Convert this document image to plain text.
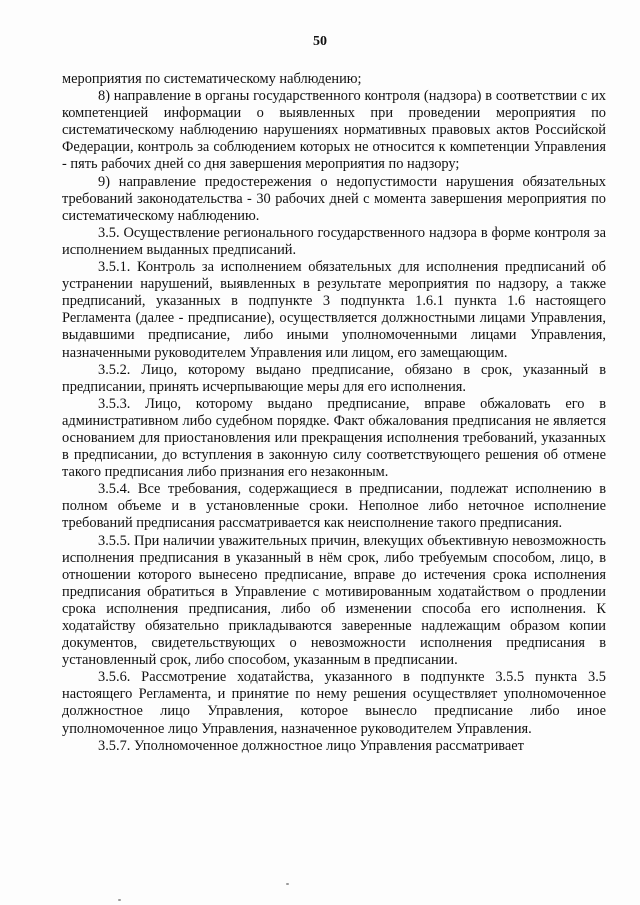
50

мероприятия по систематическому наблюдению;

8) направление в органы государственного контроля (надзора) в соответствии с их компетенцией информации о выявленных при проведении мероприятия по систематическому наблюдению нарушениях нормативных правовых актов Российской Федерации, контроль за соблюдением которых не относится к компетенции Управления - пять рабочих дней со дня завершения мероприятия по надзору;

9) направление предостережения о недопустимости нарушения обязательных требований законодательства - 30 рабочих дней с момента завершения мероприятия по систематическому наблюдению.

3.5. Осуществление регионального государственного надзора в форме контроля за исполнением выданных предписаний.

3.5.1. Контроль за исполнением обязательных для исполнения предписаний об устранении нарушений, выявленных в результате мероприятия по надзору, а также предписаний, указанных в подпункте 3 подпункта 1.6.1 пункта 1.6 настоящего Регламента (далее - предписание), осуществляется должностными лицами Управления, выдавшими предписание, либо иными уполномоченными лицами Управления, назначенными руководителем Управления или лицом, его замещающим.

3.5.2. Лицо, которому выдано предписание, обязано в срок, указанный в предписании, принять исчерпывающие меры для его исполнения.

3.5.3. Лицо, которому выдано предписание, вправе обжаловать его в административном либо судебном порядке. Факт обжалования предписания не является основанием для приостановления или прекращения исполнения требований, указанных в предписании, до вступления в законную силу соответствующего решения об отмене такого предписания либо признания его незаконным.

3.5.4. Все требования, содержащиеся в предписании, подлежат исполнению в полном объеме и в установленные сроки. Неполное либо неточное исполнение требований предписания рассматривается как неисполнение такого предписания.

3.5.5. При наличии уважительных причин, влекущих объективную невозможность исполнения предписания в указанный в нём срок, либо требуемым способом, лицо, в отношении которого вынесено предписание, вправе до истечения срока исполнения предписания обратиться в Управление с мотивированным ходатайством о продлении срока исполнения предписания, либо об изменении способа его исполнения. К ходатайству обязательно прикладываются заверенные надлежащим образом копии документов, свидетельствующих о невозможности исполнения предписания в установленный срок, либо способом, указанным в предписании.

3.5.6. Рассмотрение ходатайства, указанного в подпункте 3.5.5 пункта 3.5 настоящего Регламента, и принятие по нему решения осуществляет уполномоченное должностное лицо Управления, которое вынесло предписание либо иное уполномоченное лицо Управления, назначенное руководителем Управления.

3.5.7. Уполномоченное должностное лицо Управления рассматривает
